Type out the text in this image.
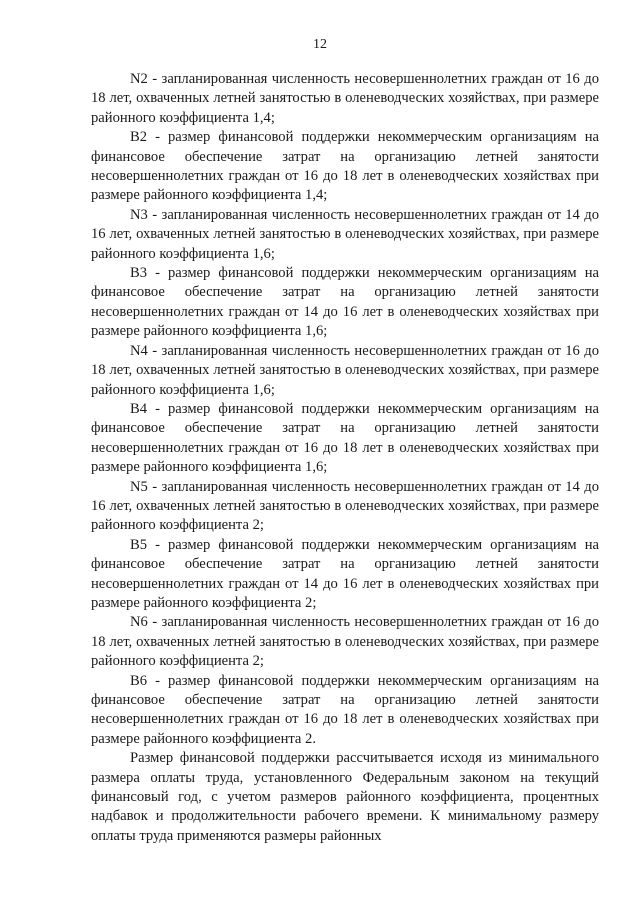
12

N2 - запланированная численность несовершеннолетних граждан от 16 до 18 лет, охваченных летней занятостью в оленеводческих хозяйствах, при размере районного коэффициента 1,4;

B2 - размер финансовой поддержки некоммерческим организациям на финансовое обеспечение затрат на организацию летней занятости несовершеннолетних граждан от 16 до 18 лет в оленеводческих хозяйствах при размере районного коэффициента 1,4;

N3 - запланированная численность несовершеннолетних граждан от 14 до 16 лет, охваченных летней занятостью в оленеводческих хозяйствах, при размере районного коэффициента 1,6;

B3 - размер финансовой поддержки некоммерческим организациям на финансовое обеспечение затрат на организацию летней занятости несовершеннолетних граждан от 14 до 16 лет в оленеводческих хозяйствах при размере районного коэффициента 1,6;

N4 - запланированная численность несовершеннолетних граждан от 16 до 18 лет, охваченных летней занятостью в оленеводческих хозяйствах, при размере районного коэффициента 1,6;

B4 - размер финансовой поддержки некоммерческим организациям на финансовое обеспечение затрат на организацию летней занятости несовершеннолетних граждан от 16 до 18 лет в оленеводческих хозяйствах при размере районного коэффициента 1,6;

N5 - запланированная численность несовершеннолетних граждан от 14 до 16 лет, охваченных летней занятостью в оленеводческих хозяйствах, при размере районного коэффициента 2;

B5 - размер финансовой поддержки некоммерческим организациям на финансовое обеспечение затрат на организацию летней занятости несовершеннолетних граждан от 14 до 16 лет в оленеводческих хозяйствах при размере районного коэффициента 2;

N6 - запланированная численность несовершеннолетних граждан от 16 до 18 лет, охваченных летней занятостью в оленеводческих хозяйствах, при размере районного коэффициента 2;

B6 - размер финансовой поддержки некоммерческим организациям на финансовое обеспечение затрат на организацию летней занятости несовершеннолетних граждан от 16 до 18 лет в оленеводческих хозяйствах при размере районного коэффициента 2.

Размер финансовой поддержки рассчитывается исходя из минимального размера оплаты труда, установленного Федеральным законом на текущий финансовый год, с учетом размеров районного коэффициента, процентных надбавок и продолжительности рабочего времени. К минимальному размеру оплаты труда применяются размеры районных
